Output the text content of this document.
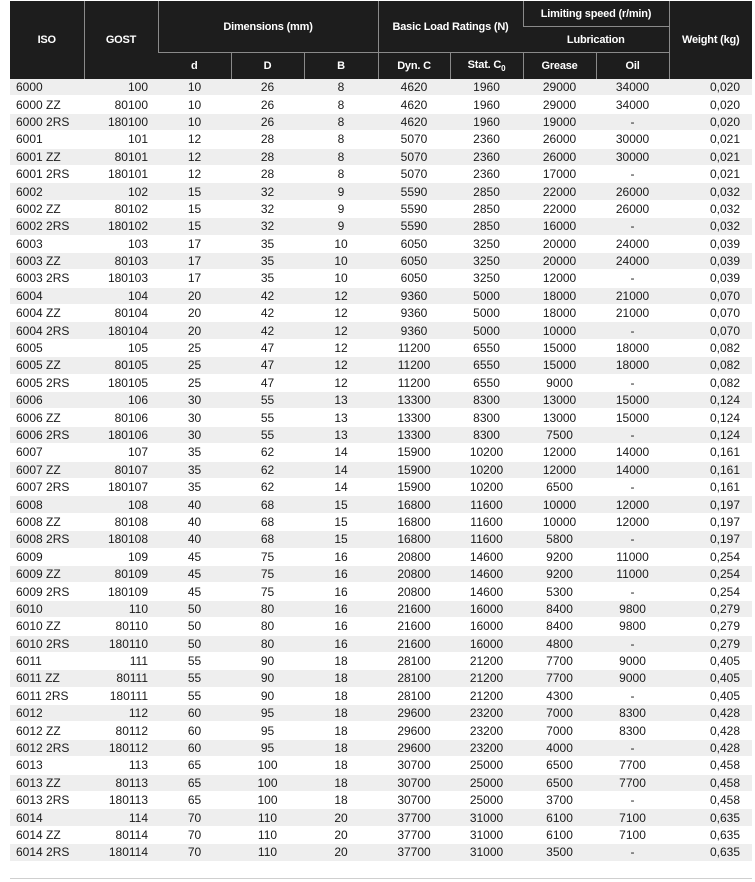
ISO	GOST	Dimensions (mm)			Basic Load Ratings (N)		Limiting speed (r/min)		Weight (kg)
							Lubrication		
		d	D	B	Dyn. C	Stat. $C_0$	Grease	Oil	
6000	100	10	26	8	4620	1960	29000	34000	0,020
6000 ZZ	80100	10	26	8	4620	1960	29000	34000	0,020
6000 2RS	180100	10	26	8	4620	1960	19000	-	0,020
6001	101	12	28	8	5070	2360	26000	30000	0,021
6001 ZZ	80101	12	28	8	5070	2360	26000	30000	0,021
6001 2RS	180101	12	28	8	5070	2360	17000	-	0,021
6002	102	15	32	9	5590	2850	22000	26000	0,032
6002 ZZ	80102	15	32	9	5590	2850	22000	26000	0,032
6002 2RS	180102	15	32	9	5590	2850	16000	-	0,032
6003	103	17	35	10	6050	3250	20000	24000	0,039
6003 ZZ	80103	17	35	10	6050	3250	20000	24000	0,039
6003 2RS	180103	17	35	10	6050	3250	12000	-	0,039
6004	104	20	42	12	9360	5000	18000	21000	0,070
6004 ZZ	80104	20	42	12	9360	5000	18000	21000	0,070
6004 2RS	180104	20	42	12	9360	5000	10000	-	0,070
6005	105	25	47	12	11200	6550	15000	18000	0,082
6005 ZZ	80105	25	47	12	11200	6550	15000	18000	0,082
6005 2RS	180105	25	47	12	11200	6550	9000	-	0,082
6006	106	30	55	13	13300	8300	13000	15000	0,124
6006 ZZ	80106	30	55	13	13300	8300	13000	15000	0,124
6006 2RS	180106	30	55	13	13300	8300	7500	-	0,124
6007	107	35	62	14	15900	10200	12000	14000	0,161
6007 ZZ	80107	35	62	14	15900	10200	12000	14000	0,161
6007 2RS	180107	35	62	14	15900	10200	6500	-	0,161
6008	108	40	68	15	16800	11600	10000	12000	0,197
6008 ZZ	80108	40	68	15	16800	11600	10000	12000	0,197
6008 2RS	180108	40	68	15	16800	11600	5800	-	0,197
6009	109	45	75	16	20800	14600	9200	11000	0,254
6009 ZZ	80109	45	75	16	20800	14600	9200	11000	0,254
6009 2RS	180109	45	75	16	20800	14600	5300	-	0,254
6010	110	50	80	16	21600	16000	8400	9800	0,279
6010 ZZ	80110	50	80	16	21600	16000	8400	9800	0,279
6010 2RS	180110	50	80	16	21600	16000	4800	-	0,279
6011	111	55	90	18	28100	21200	7700	9000	0,405
6011 ZZ	80111	55	90	18	28100	21200	7700	9000	0,405
6011 2RS	180111	55	90	18	28100	21200	4300	-	0,405
6012	112	60	95	18	29600	23200	7000	8300	0,428
6012 ZZ	80112	60	95	18	29600	23200	7000	8300	0,428
6012 2RS	180112	60	95	18	29600	23200	4000	-	0,428
6013	113	65	100	18	30700	25000	6500	7700	0,458
6013 ZZ	80113	65	100	18	30700	25000	6500	7700	0,458
6013 2RS	180113	65	100	18	30700	25000	3700	-	0,458
6014	114	70	110	20	37700	31000	6100	7100	0,635
6014 ZZ	80114	70	110	20	37700	31000	6100	7100	0,635
6014 2RS	180114	70	110	20	37700	31000	3500	-	0,635
